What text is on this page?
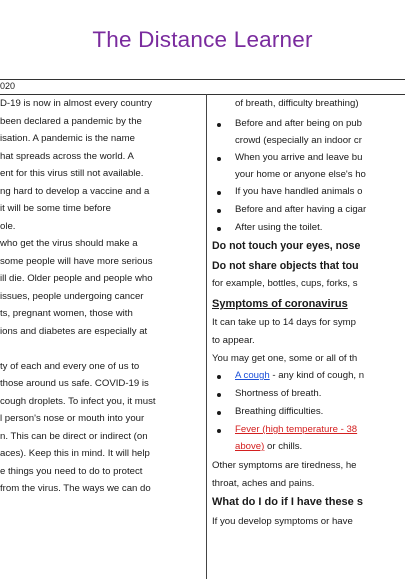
The Distance Learner
020
D-19 is now in almost every country
been declared a pandemic by the
isation. A pandemic is the name
hat spreads across the world. A
ent for this virus still not available.
ng hard to develop a vaccine and a
it will be some time before
ole.
who get the virus should make a
some people will have more serious
ill die. Older people and people who
issues, people undergoing cancer
ts, pregnant women, those with
ions and diabetes are especially at
ty of each and every one of us to
those around us safe. COVID-19 is
cough droplets. To infect you, it must
l person's nose or mouth into your
n. This can be direct or indirect (on
aces). Keep this in mind. It will help
e things you need to do to protect
from the virus. The ways we can do
of breath, difficulty breathing)
Before and after being on pub
crowd (especially an indoor cr
When you arrive and leave bu
your home or anyone else's ho
If you have handled animals o
Before and after having a cigar
After using the toilet.
Do not touch your eyes, nose
Do not share objects that tou
for example, bottles, cups, forks, s
Symptoms of coronavirus
It can take up to 14 days for symp
to appear.
You may get one, some or all of th
A cough - any kind of cough, n
Shortness of breath.
Breathing difficulties.
Fever (high temperature - 38
above) or chills.
Other symptoms are tiredness, he
throat, aches and pains.
What do I do if I have these s
If you develop symptoms or have
